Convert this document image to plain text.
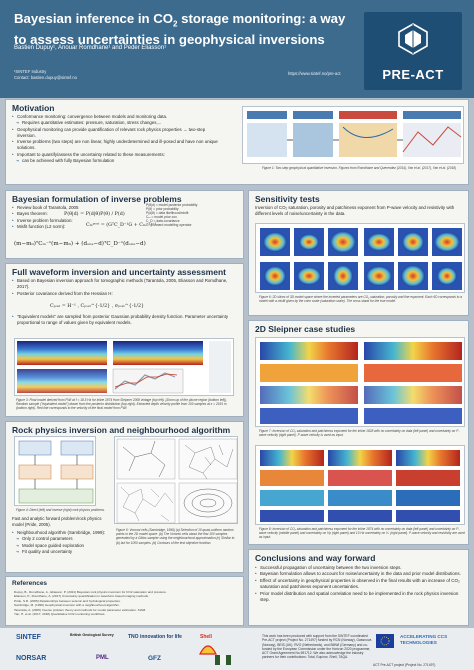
Bayesian inference in $CO_2$ storage monitoring: a way to assess uncertainties in geophysical inversions
Bastien Dupuy¹, Anouar Romdhane¹ and Peder Eliasson¹
¹SINTEF Industry
Contact: bastien.dupuy@sintef.no
https://www.sintef.no/pre-act	PRE-ACT
Motivation
• Conformance monitoring: convergence between models and monitoring data.
➔ Requires quantitative estimates: pressure, saturation, stress changes,...
• Geophysical monitoring can provide quantification of relevant rock physics properties → two-step inversion.
• Inverse problems (two steps) are non linear, highly underdetermined and ill-posed and have non unique solutions.
• Important to quantify/assess the uncertainty related to these measurements:
➔ can be achieved with fully Bayesian formulation
Figure 1: Two-step geophysical quantitative inversion. Figures from Romdhane and Querendez (2014), Yan et al. (2017), Yan et al. (2018)
Bayesian formulation of inverse problems
• Review book of Tarantola, 2005
• Bayes theorem:
• Inverse problem formulation:
• Misfit function (L2 norm):
P(θ|d) = P(d|θ)P(θ) / P(d)
Cₘᵖᵒˢᵗ = (GᵀC_D⁻¹G + Cₘ⁻¹)⁻¹
(m−m₀)ᵀCₘ⁻¹(m−m₀) + (dₒₙₛ−d)ᵀC_D⁻¹(dₒₙₛ−d)
P(θ|d) = model posterior probability
P(θ) = prior probability
P(d|θ) = data likelihood/misfit
Cₘ = model prior cov.
C_D = data covariance
G = forward modelling operator
Full waveform inversion and uncertainty assessment
• Based on Bayesian inversion approach for tomographic methods (Tarantola, 2005, Eliasson and Romdhane, 2017).
• Posterior covariance derived from the Hessian H:
Cₚₒₛₜ = H⁻¹ , Cₚₒₛₜ^{-1/2} , σₚₒₛₜ^{-1/2}
• "Equivalent models" are sampled from posterior Gaussian probability density function. Parameter uncertainty proportional to range of values given by equivalent models.
Figure 3: Final model derived from FWI at f = 18.5 Hz for inline 1874 from Sleipner 2008 vintage (top left). (Zoom up of the plume region (bottom left)). Random sample ("equivalent model") drawn from the posterior distribution (top right). Extracted depth velocity profile from 100 samples at x = 2915 m (bottom right). Red line corresponds to the velocity of the final model from FWI.
Rock physics inversion and neighbourhood algorithm
Figure 4: Direct (left) and inverse (right) rock physics problems.
Fast and analytic forward problem/rock physics model (Pride, 2005).
• Neighbourhood algorithm (Sambridge, 1999):
➔ Only 2 control parameters
➔ Model space guided exploration
➔ Fit quality and uncertainty
Figure 5: Voronoi cells (Sambridge, 1999) (a) Selection of 10 quasi-uniform random points in the 2D model space. (b) The Voronoi cells about the first 100 samples generated by a Gibbs sampler using the neighbourhood approximation (c) Similar to (b) but for 1000 samples. (d) Contours of the test objective function.
References
Dupuy, B., Romdhane, A., Eliasson, P. (2021) Bayesian rock physics inversion for CO2 saturation and pressure.
Eliasson, P., Romdhane, A. (2017) Uncertainty quantification in waveform-based imaging methods.
Pride, S.R. (2005) Relationships between seismic and hydrological properties.
Sambridge, M. (1999) Geophysical inversion with a neighbourhood algorithm.
Tarantola, A. (2005) Inverse problem theory and methods for model parameter estimation. SIAM.
Yan, H. et al. (2017, 2018) Quantitative CO2 monitoring workflows.
Sensitivity tests
Inversion of CO₂ saturation, porosity and patchiness exponent from P-wave velocity and resistivity with different levels of noise/uncertainty in the data.
Figure 6: 2D slices of 3D model space where the inverted parameters are CO₂ saturation, porosity and fine exponent. Each 6D corresponds to a model with a misfit given by the color scale (saturation scale). The cross stand for the true model.
2D Sleipner case studies
Figure 7: Inversion of CO₂ saturation and patchiness exponent for the inline 1828 with no uncertainty on data (left panel) and uncertainty on P-wave velocity (right panel). P-wave velocity is used as input.
Figure 8: Inversion of CO₂ saturation and patchiness exponent for the inline 1874 with no uncertainty on data (left panel) and uncertainty on P-wave velocity (middle panel) and uncertainty on Vp (right panel) and 10 Hz uncertainty on Vₛ (right panel). P-wave velocity and resistivity are used as input.
Conclusions and way forward
• Successful propagation of uncertainty between the two inversion steps.
• Bayesian formulation allows to account for noise/uncertainty in the data and prior model distributions.
• Effect of uncertainty in geophysical properties is observed in the final results with an increase of CO₂ saturation and patchiness exponent uncertainties.
• Prior model distribution and spatial correlation need to be implemented in the rock physics inversion step.
SINTEF	British Geological Survey	TNO innovation for life	Shell
NORSAR	PML	GFZ
ACCELERATING CCS TECHNOLOGIES
This work has been produced with support from the SINTEF coordinated Pre-ACT project (Project No. 271497) funded by RCN (Norway), Gassnova (Norway), BEIS (UK), RVO (Netherlands), and BMWi (Germany) and co-funded by the European Commission under the Horizon 2020 programme, ACT Grant Agreement No 691712. We also acknowledge the industry partners for their contributions: Total, Equinor, Shell, TAQA.
ACT Pre-ACT project (Project No. 271497)
